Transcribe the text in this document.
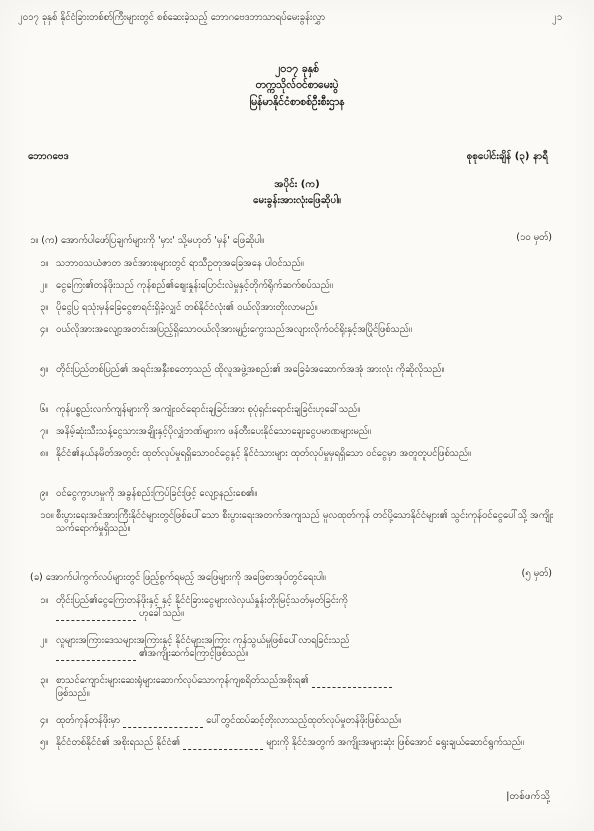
၂၀၁၇ ခုနှစ် နိုင်ငံခြားတစ်စာ်ကြီးများတွင် စစ်ဆေးခဲ့သည့် ဘောဂဗေဒဘာသာရပ်မေးခွန်းလွှာ	၂၁
၂၀၁၇ ခုနှစ်
တက္ကသိုလ်ဝင်စာမေးပွဲ
မြန်မာနိုင်ငံစာစစ်ဦးစီးဌာန
ဘောဂဗေဒ	စုစုပေါင်းချိန် (၃) နာရီ
အပိုင်း (က)
မေးခွန်းအားလုံးဖြေဆိုပါ။
၁။ (က) အောက်ပါဖော်ပြချက်များကို 'မှား' သို့မဟုတ် 'မှန်' ဖြေဆိုပါ။	(၁၀ မှတ်)
၁။ သဘာဝသယံဇာတ အင်အားစုများတွင် ရာသီဥတုအခြေအနေ ပါဝင်သည်။
၂။ ငွေကြေး၏တန်ဖိုးသည် ကုန်စည်၏ဈေးနှုန်းပြောင်းလဲမှုနှင့်တိုက်ရိုက်ဆက်စပ်သည်။
၃။ ပိုငွေပြ ရသုံးမှန်ခြေငွေစာရင်းရှိခဲ့လျှင် တစ်နိုင်ငံလုံး၏ ဝယ်လိုအားတိုးလာမည်။
၄။ ဝယ်လိုအားအလျော့အတင်းအပြည့်ရှိသောဝယ်လိုအားမျဉ်းကွေးသည်အလျားလိုက်ဝင်ရိုးနှင့်အပြိုင်ဖြစ်သည်။
၅။ တိုင်းပြည်တစ်ပြည်၏ အရင်းအနှီးစတော့သည် ထိုလူအဖွဲ့အစည်း၏ အခြေခံအဆောက်အအုံ အားလုံး ကိုဆိုလိုသည်။
၆။ ကုန်ပစ္စည်းလက်ကျန်များကို အကျုံးဝင်ရောင်းချခြင်းအား စုပုံရှင်းရောင်းချခြင်းဟုခေါ်သည်။
၇။ အနိမ့်ဆုံးသီးသန့်ငွေသားအချိုးနှင့်ပိုလျှံဘဏ်များက ဖန်တီးပေးနိုင်သောချေးငွေပမာဏများမည်။
၈။ နိုင်ငံ၏နယ်နမိတ်အတွင်း ထုတ်လုပ်မှုရရှိသောဝင်ငွေနှင့် နိုင်ငံသားများ ထုတ်လုပ်မှုမှရရှိသော ဝင်ငွေမှာ အတူတူပင်ဖြစ်သည်။
၉။ ဝင်ငွေကွာဟမှုကို အခွန်စည်းကြပ်ခြင်းဖြင့် လျော့နည်းစေ၏။
၁၀။ စီးပွားရေးအင်အားကြီးနိုင်ငံများတွင်ဖြစ်ပေါ်သော စီးပွားရေးအတက်အကျသည် မူလထုတ်ကုန် တင်ပို့သောနိုင်ငံများ၏ သွင်းကုန်ဝင်ငွေပေါ်သို့ အကျိုးသက်ရောက်မှုရှိသည်။
(ခ) အောက်ပါကွက်လပ်များတွင် ဖြည့်စွက်ရမည့် အဖြေများကို အဖြေစာအုပ်တွင်ရေးပါ။	(၅ မှတ်)
၁။ တိုင်းပြည်၏ငွေကြေးတန်ဖိုးနှင့် နှင့် နိုင်ငံခြားငွေများလဲလှယ်နှုန်းတိုးမြင့်သတ်မှတ်ခြင်းကို
ဟုခေါ်သည်။
၂။ လူများအကြားဒေသများအကြားနှင့် နိုင်ငံများအကြား ကုန်သွယ်မှုဖြစ်ပေါ်လာရခြင်းသည်
၏အကျိုးဆက်ကြောင့်ဖြစ်သည်။
၃။ စာသင်ကျောင်းများဆေးရုံများဆောက်လုပ်သောကုန်ကျစရိတ်သည်အစိုးရ၏
ဖြစ်သည်။
၄။ ထုတ်ကုန်တန်ဖိုးမှာ	ပေါ်တွင်ထပ်ဆင့်တိုးလာသည့်ထုတ်လုပ်မှုတန်ဖိုးဖြစ်သည်။
၅။ နိုင်ငံတစ်နိုင်ငံ၏ အစိုးရသည် နိုင်ငံ၏	များကို နိုင်ငံအတွက် အကျိုးအများဆုံး ဖြစ်အောင် ရွေးချယ်ဆောင်ရွက်သည်။
|တစ်ဖက်သို့
